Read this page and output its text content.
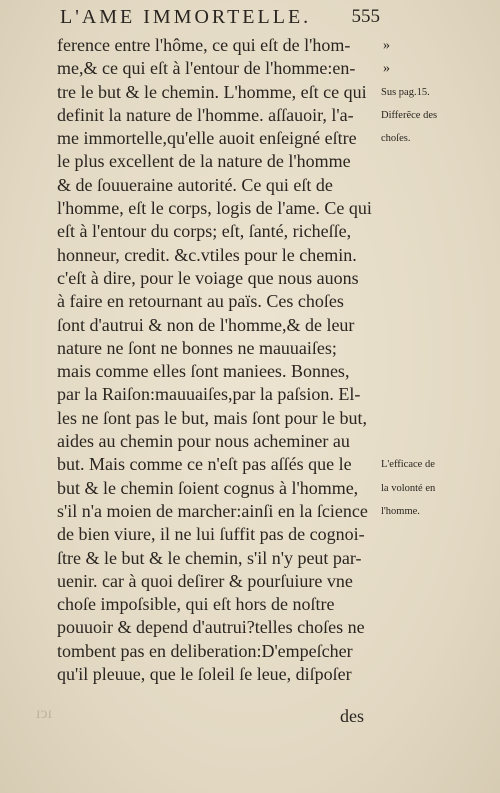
L'AME IMMORTELLE. 555
ference entre l'hôme, ce qui eſt de l'hom-
me,& ce qui eſt à l'entour de l'homme:en-
tre le but & le chemin. L'homme, eſt ce qui
definit la nature de l'homme. aſſauoir, l'a-
me immortelle,qu'elle auoit enſeigné eſtre
le plus excellent de la nature de l'homme
& de ſouueraine autorité. Ce qui eſt de
l'homme, eſt le corps, logis de l'ame. Ce qui
eſt à l'entour du corps; eſt, ſanté, richeſſe,
honneur, credit. &c.vtiles pour le chemin.
c'eſt à dire, pour le voiage que nous auons
à faire en retournant au païs. Ces choſes
ſont d'autrui & non de l'homme,& de leur
nature ne ſont ne bonnes ne mauuaiſes;
mais comme elles ſont maniees. Bonnes,
par la Raiſon:mauuaiſes,par la paſsion. El-
les ne ſont pas le but, mais ſont pour le but,
aides au chemin pour nous acheminer au
but. Mais comme ce n'eſt pas aſſés que le
but & le chemin ſoient cognus à l'homme,
s'il n'a moien de marcher:ainſi en la ſcience
de bien viure, il ne lui ſuffit pas de cognoi-
ſtre & le but & le chemin, s'il n'y peut par-
uenir. car à quoi deſirer & pourſuiure vne
choſe impoſsible, qui eſt hors de noſtre
pouuoir & depend d'autrui?telles choſes ne
tombent pas en deliberation:D'empeſcher
qu'il pleuue, que le ſoleil ſe leue, diſpoſer
»
»
Sus pag.15.
Differẽce des
choſes.
L'efficace de
la volonté en
l'homme.
ıcı	des
